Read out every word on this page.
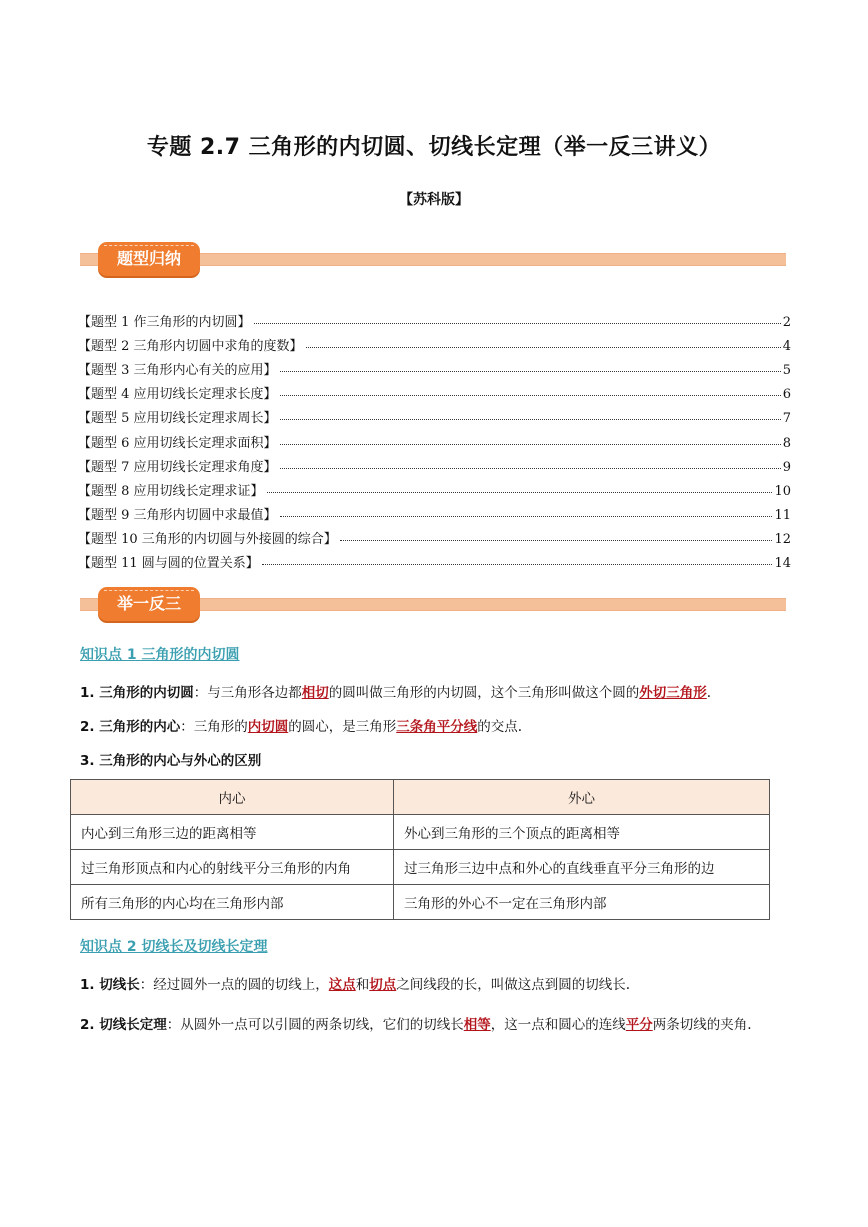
专题 2.7 三角形的内切圆、切线长定理（举一反三讲义）
【苏科版】
题型归纳
【题型 1 作三角形的内切圆】	2
【题型 2 三角形内切圆中求角的度数】	4
【题型 3 三角形内心有关的应用】	5
【题型 4 应用切线长定理求长度】	6
【题型 5 应用切线长定理求周长】	7
【题型 6 应用切线长定理求面积】	8
【题型 7 应用切线长定理求角度】	9
【题型 8 应用切线长定理求证】	10
【题型 9 三角形内切圆中求最值】	11
【题型 10 三角形的内切圆与外接圆的综合】	12
【题型 11 圆与圆的位置关系】	14
举一反三
知识点 1 三角形的内切圆
1. 三角形的内切圆：与三角形各边都相切的圆叫做三角形的内切圆，这个三角形叫做这个圆的外切三角形.
2. 三角形的内心：三角形的内切圆的圆心，是三角形三条角平分线的交点.
3. 三角形的内心与外心的区别
内心	外心
内心到三角形三边的距离相等	外心到三角形的三个顶点的距离相等
过三角形顶点和内心的射线平分三角形的内角	过三角形三边中点和外心的直线垂直平分三角形的边
所有三角形的内心均在三角形内部	三角形的外心不一定在三角形内部
知识点 2 切线长及切线长定理
1. 切线长：经过圆外一点的圆的切线上，这点和切点之间线段的长，叫做这点到圆的切线长.
2. 切线长定理：从圆外一点可以引圆的两条切线，它们的切线长相等，这一点和圆心的连线平分两条切线的夹角.
